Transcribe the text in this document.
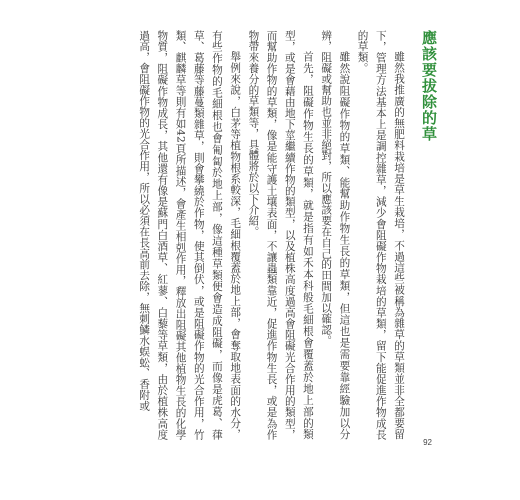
應該要拔除的草

雖然我推廣的無肥料栽培是草生栽培，不過這些被稱為雜草的草類並非全都要留下，管理方法基本上是調控雜草，減少會阻礙作物栽培的草類，留下能促進作物成長的草類。

雖然說阻礙作物的草類、能幫助作物生長的草類，但這也是需要靠經驗加以分辨，阻礙或幫助也並非絕對，所以應該要在自己的田間加以確認。

首先，阻礙作物生長的草類，就是指有如禾本科般毛細根會覆蓋於地上部的類型，或是會藉由地下莖繼續作物的類型，以及植株高度過高會阻礙光合作用的類型，而幫助作物的草類，像是能守護土壤表面，不讓蟲類靠近，促進作物生長，或是為作物帶來養分的草類等，具體將於以下介紹。

舉例來說，白茅等植物根系較深，毛細根覆蓋於地上部，會奪取地表面的水分，有些作物的毛細根也會匍匐於地上部，像這種草類便會造成阻礙，而像是虎葛、葎草、葛藤等藤蔓類雜草，則會攀繞於作物，使其倒伏，或是阻礙作物的光合作用，竹類、麒麟草等則有如42頁所描述，會產生相剋作用，釋放出阻礙其他植物生長的化學物質，阻礙作物成長，其他還有像是蘇門白酒草、紅蓼、白藜等草類，由於植株高度過高，會阻礙作物的光合作用，所以必須在長高前去除，無刺鱗水蜈蚣、香附或

92
